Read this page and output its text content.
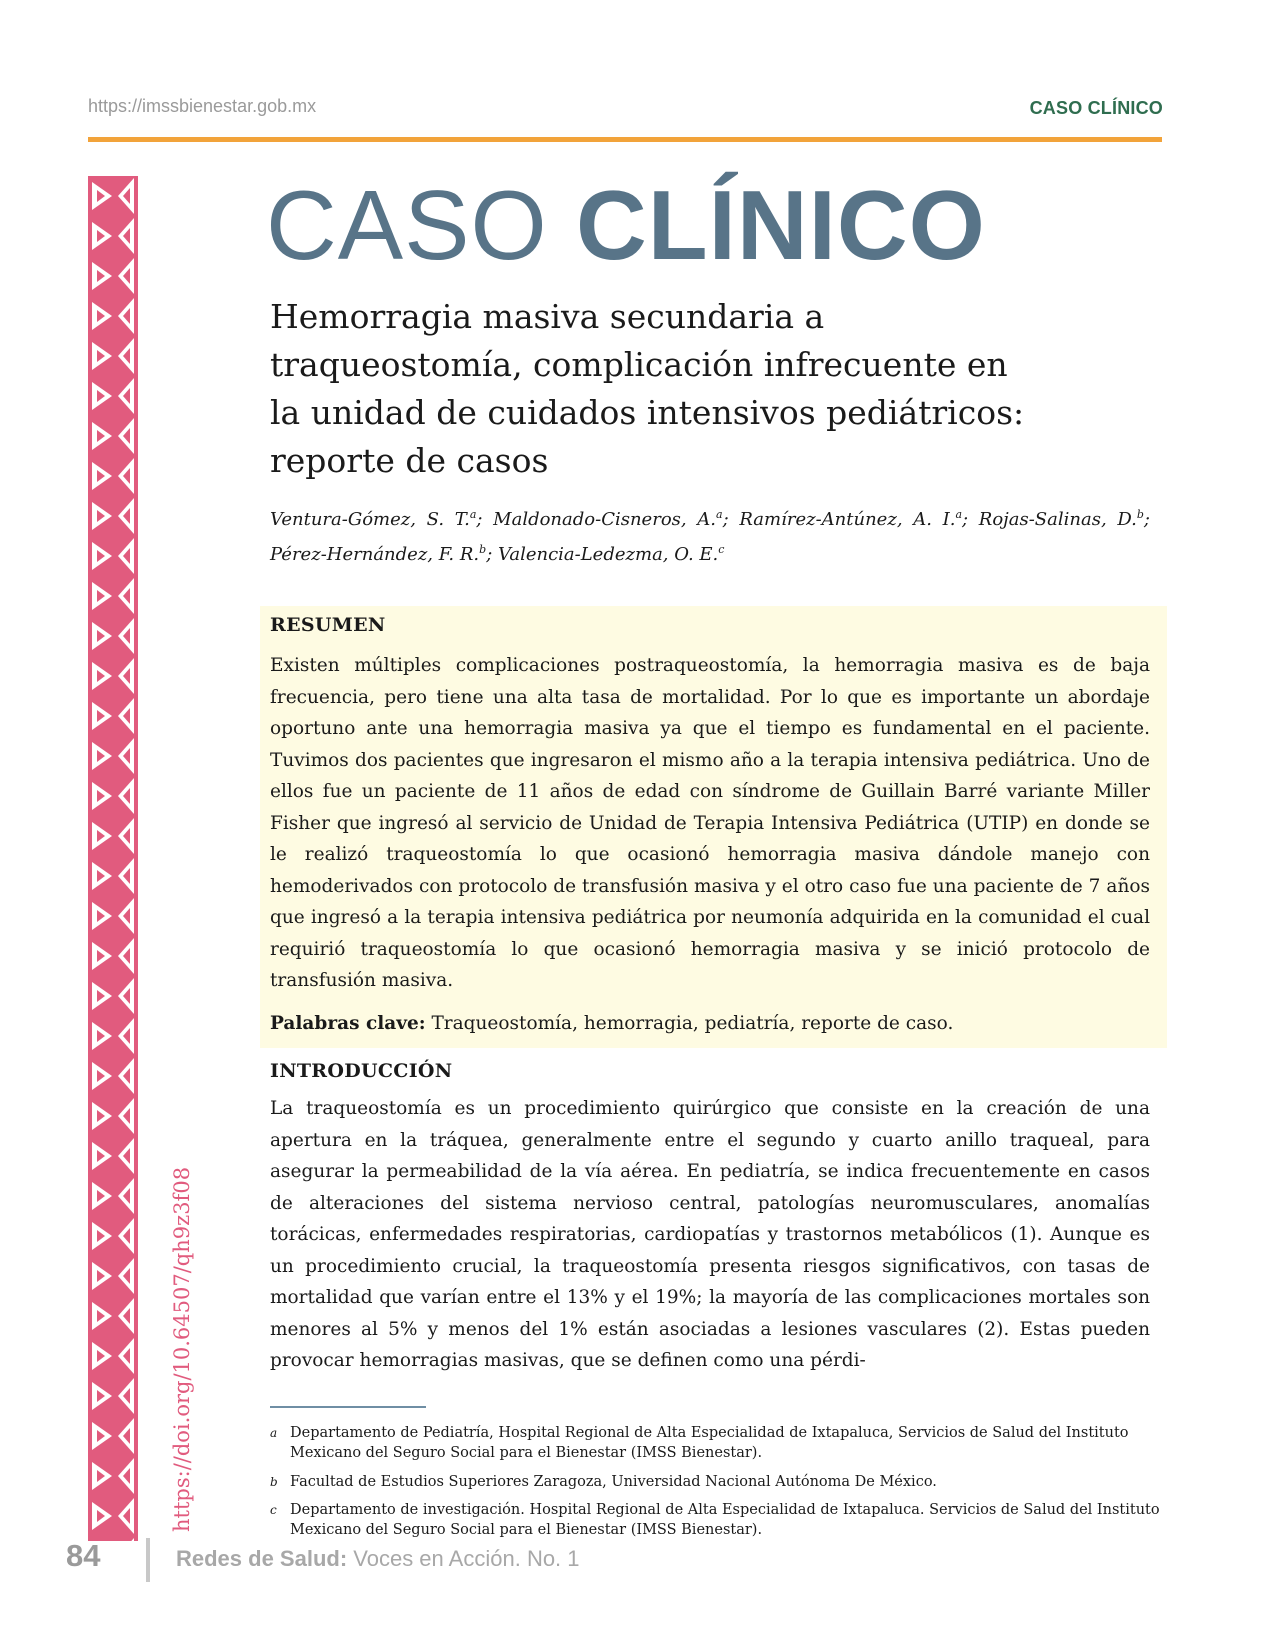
https://imssbienestar.gob.mx	CASO CLÍNICO
https://doi.org/10.64507/qh9z3f08
CASO CLÍNICO
Hemorragia masiva secundaria a
traqueostomía, complicación infrecuente en
la unidad de cuidados intensivos pediátricos:
reporte de casos

Ventura-Gómez, S. T.$^a$; Maldonado-Cisneros, A.$^a$; Ramírez-Antúnez, A. I.$^a$; Rojas-Salinas, D.$^b$; Pérez-Hernández, F. R.$^b$; Valencia-Ledezma, O. E.$^c$

RESUMEN

Existen múltiples complicaciones postraqueostomía, la hemorragia masiva es de baja frecuencia, pero tiene una alta tasa de mortalidad. Por lo que es importante un abordaje oportuno ante una hemorragia masiva ya que el tiempo es fundamental en el paciente. Tuvimos dos pacientes que ingresaron el mismo año a la terapia intensiva pediátrica. Uno de ellos fue un paciente de 11 años de edad con síndrome de Guillain Barré variante Miller Fisher que ingresó al servicio de Unidad de Terapia Intensiva Pediátrica (UTIP) en donde se le realizó traqueostomía lo que ocasionó hemorragia masiva dándole manejo con hemoderivados con protocolo de transfusión masiva y el otro caso fue una paciente de 7 años que ingresó a la terapia intensiva pediátrica por neumonía adquirida en la comunidad el cual requirió traqueostomía lo que ocasionó hemorragia masiva y se inició protocolo de transfusión masiva.

Palabras clave: Traqueostomía, hemorragia, pediatría, reporte de caso.

INTRODUCCIÓN

La traqueostomía es un procedimiento quirúrgico que consiste en la creación de una apertura en la tráquea, generalmente entre el segundo y cuarto anillo traqueal, para asegurar la permeabilidad de la vía aérea. En pediatría, se indica frecuentemente en casos de alteraciones del sistema nervioso central, patologías neuromusculares, anomalías torácicas, enfermedades respiratorias, cardiopatías y trastornos metabólicos (1). Aunque es un procedimiento crucial, la traqueostomía presenta riesgos significativos, con tasas de mortalidad que varían entre el 13% y el 19%; la mayoría de las complicaciones mortales son menores al 5% y menos del 1% están asociadas a lesiones vasculares (2). Estas pueden provocar hemorragias masivas, que se definen como una pérdi-

a Departamento de Pediatría, Hospital Regional de Alta Especialidad de Ixtapaluca, Servicios de Salud del Instituto Mexicano del Seguro Social para el Bienestar (IMSS Bienestar).

b Facultad de Estudios Superiores Zaragoza, Universidad Nacional Autónoma De México.

c Departamento de investigación. Hospital Regional de Alta Especialidad de Ixtapaluca. Servicios de Salud del Instituto Mexicano del Seguro Social para el Bienestar (IMSS Bienestar).

84	Redes de Salud: Voces en Acción. No. 1
